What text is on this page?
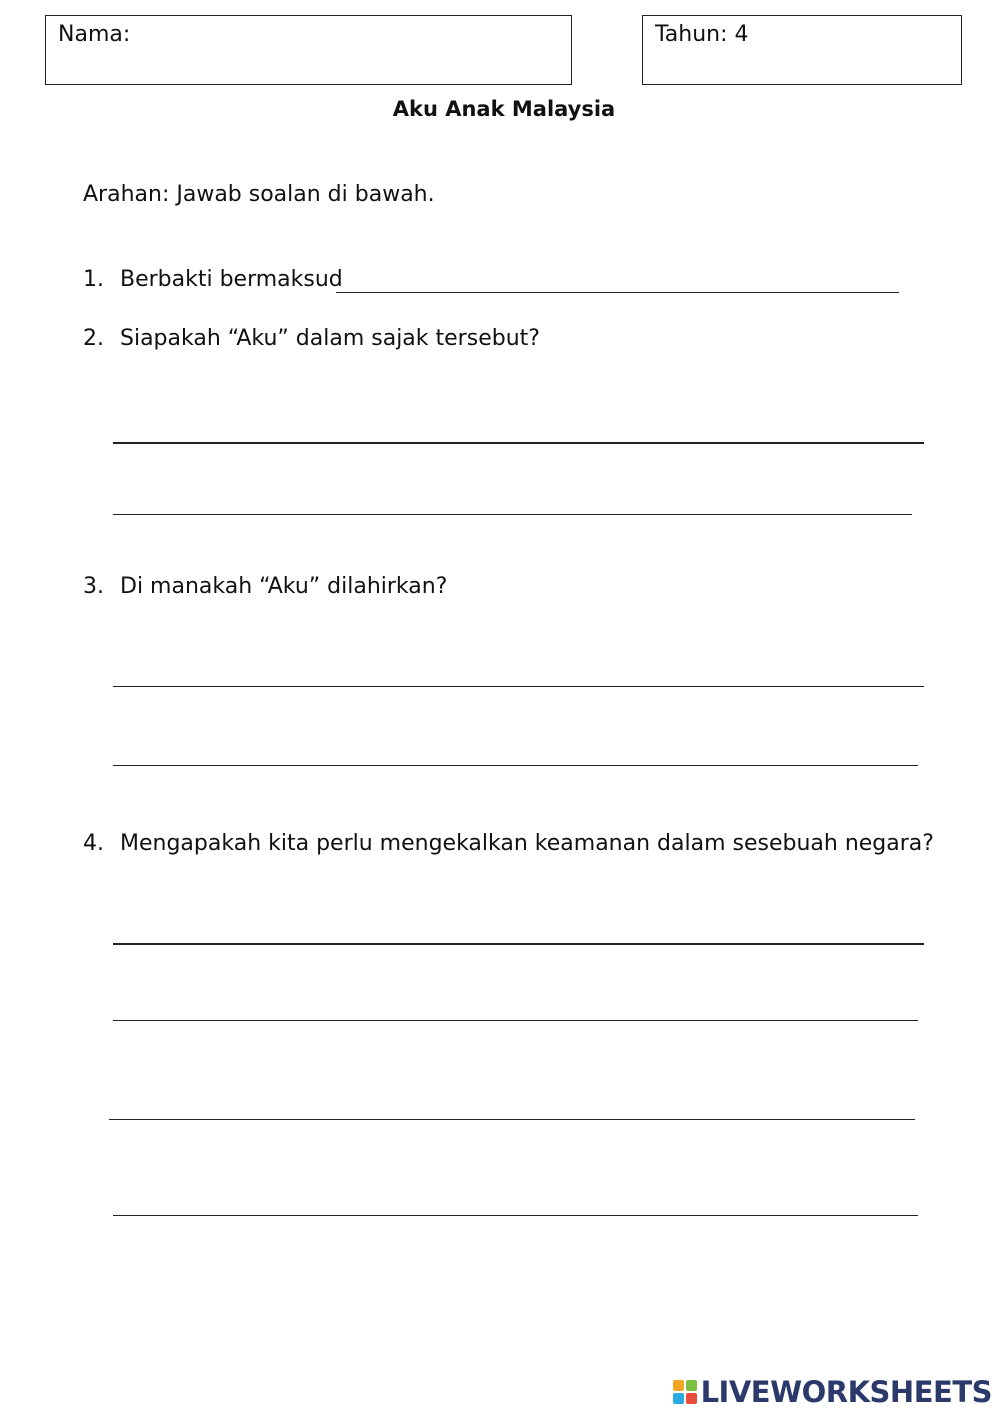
Nama:	Tahun: 4
Aku Anak Malaysia
Arahan: Jawab soalan di bawah.
1. Berbakti bermaksud
2. Siapakah “Aku” dalam sajak tersebut?
3. Di manakah “Aku” dilahirkan?
4. Mengapakah kita perlu mengekalkan keamanan dalam sesebuah negara?
LIVEWORKSHEETS
